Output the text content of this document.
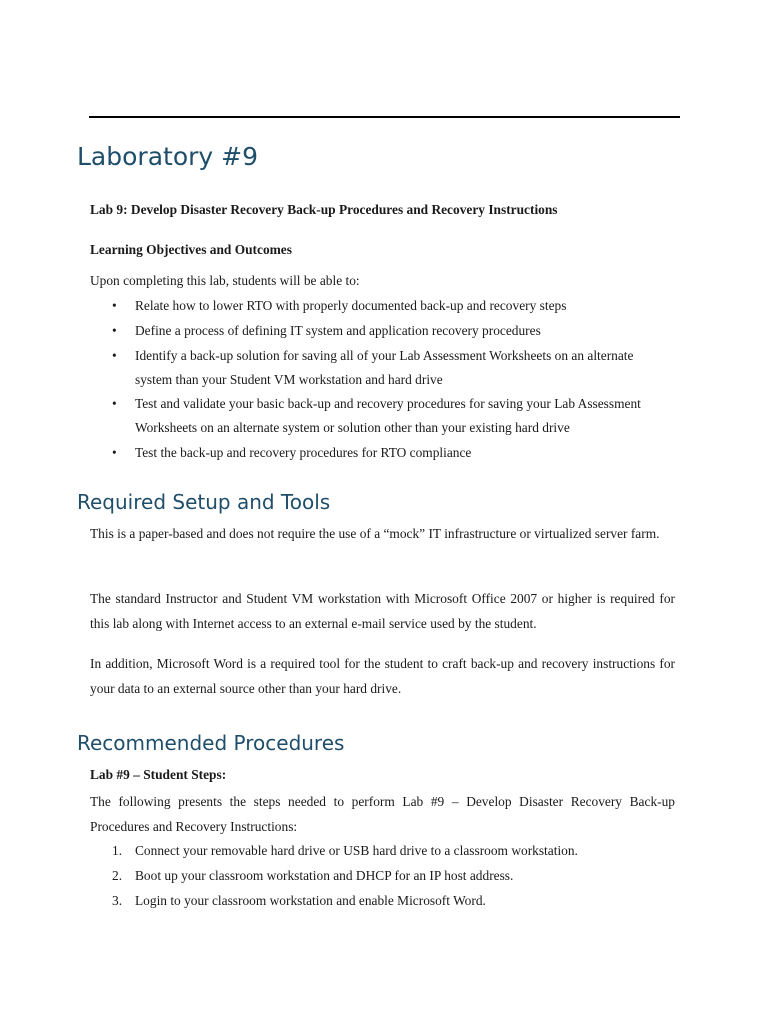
Laboratory #9

Lab 9: Develop Disaster Recovery Back-up Procedures and Recovery Instructions

Learning Objectives and Outcomes

Upon completing this lab, students will be able to:

• Relate how to lower RTO with properly documented back-up and recovery steps
• Define a process of defining IT system and application recovery procedures
• Identify a back-up solution for saving all of your Lab Assessment Worksheets on an alternate system than your Student VM workstation and hard drive
• Test and validate your basic back-up and recovery procedures for saving your Lab Assessment Worksheets on an alternate system or solution other than your existing hard drive
• Test the back-up and recovery procedures for RTO compliance
Required Setup and Tools

This is a paper-based and does not require the use of a “mock” IT infrastructure or virtualized server farm.

The standard Instructor and Student VM workstation with Microsoft Office 2007 or higher is required for this lab along with Internet access to an external e-mail service used by the student.

In addition, Microsoft Word is a required tool for the student to craft back-up and recovery instructions for your data to an external source other than your hard drive.

Recommended Procedures

Lab #9 – Student Steps:

The following presents the steps needed to perform Lab #9 – Develop Disaster Recovery Back-up Procedures and Recovery Instructions:

1. Connect your removable hard drive or USB hard drive to a classroom workstation.
2. Boot up your classroom workstation and DHCP for an IP host address.
3. Login to your classroom workstation and enable Microsoft Word.
